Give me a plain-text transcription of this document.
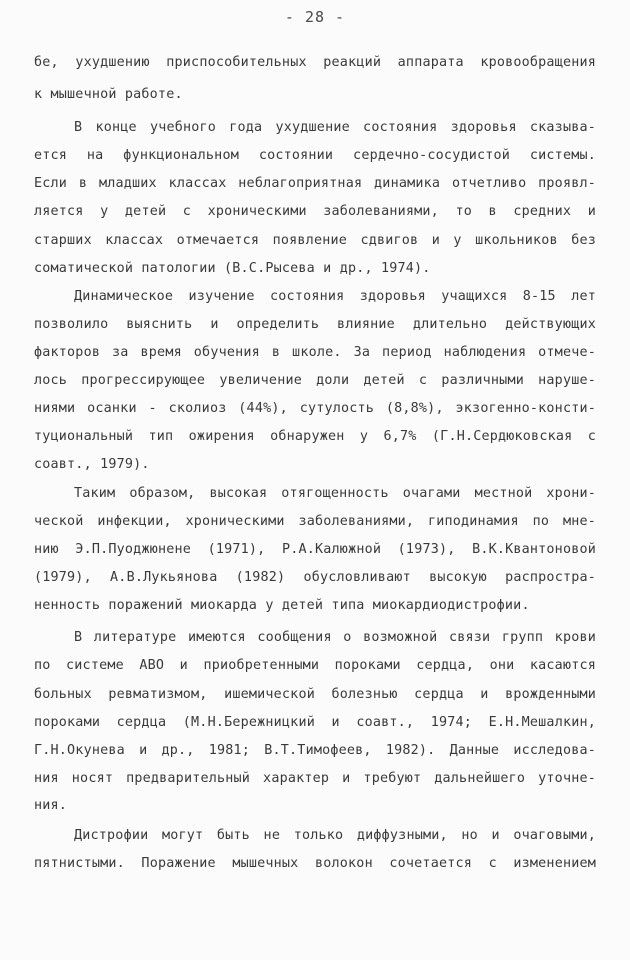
- 28 -
бе, ухудшению приспособительных реакций аппарата кровообращения
к мышечной работе.
В конце учебного года ухудшение состояния здоровья сказыва-
ется на функциональном состоянии сердечно-сосудистой системы.
Если в младших классах неблагоприятная динамика отчетливо проявл-
ляется у детей с хроническими заболеваниями, то в средних и
старших классах отмечается появление сдвигов и у школьников без
соматической патологии (В.С.Рысева и др., 1974).
Динамическое изучение состояния здоровья учащихся 8-15 лет
позволило выяснить и определить влияние длительно действующих
факторов за время обучения в школе. За период наблюдения отмече-
лось прогрессирующее увеличение доли детей с различными наруше-
ниями осанки - сколиоз (44%), сутулость (8,8%), экзогенно-консти-
туциональный тип ожирения обнаружен у 6,7% (Г.Н.Сердюковская с
соавт., 1979).
Таким образом, высокая отягощенность очагами местной хрони-
ческой инфекции, хроническими заболеваниями, гиподинамия по мне-
нию Э.П.Пуоджюнене (1971), Р.А.Калюжной (1973), В.К.Квантоновой
(1979), А.В.Лукьянова (1982) обусловливают высокую распростра-
ненность поражений миокарда у детей типа миокардиодистрофии.
В литературе имеются сообщения о возможной связи групп крови
по системе АВО и приобретенными пороками сердца, они касаются
больных ревматизмом, ишемической болезнью сердца и врожденными
пороками сердца (М.Н.Бережницкий и соавт., 1974; Е.Н.Мешалкин,
Г.Н.Окунева и др., 1981; В.Т.Тимофеев, 1982). Данные исследова-
ния носят предварительный характер и требуют дальнейшего уточне-
ния.
Дистрофии могут быть не только диффузными, но и очаговыми,
пятнистыми. Поражение мышечных волокон сочетается с изменением
